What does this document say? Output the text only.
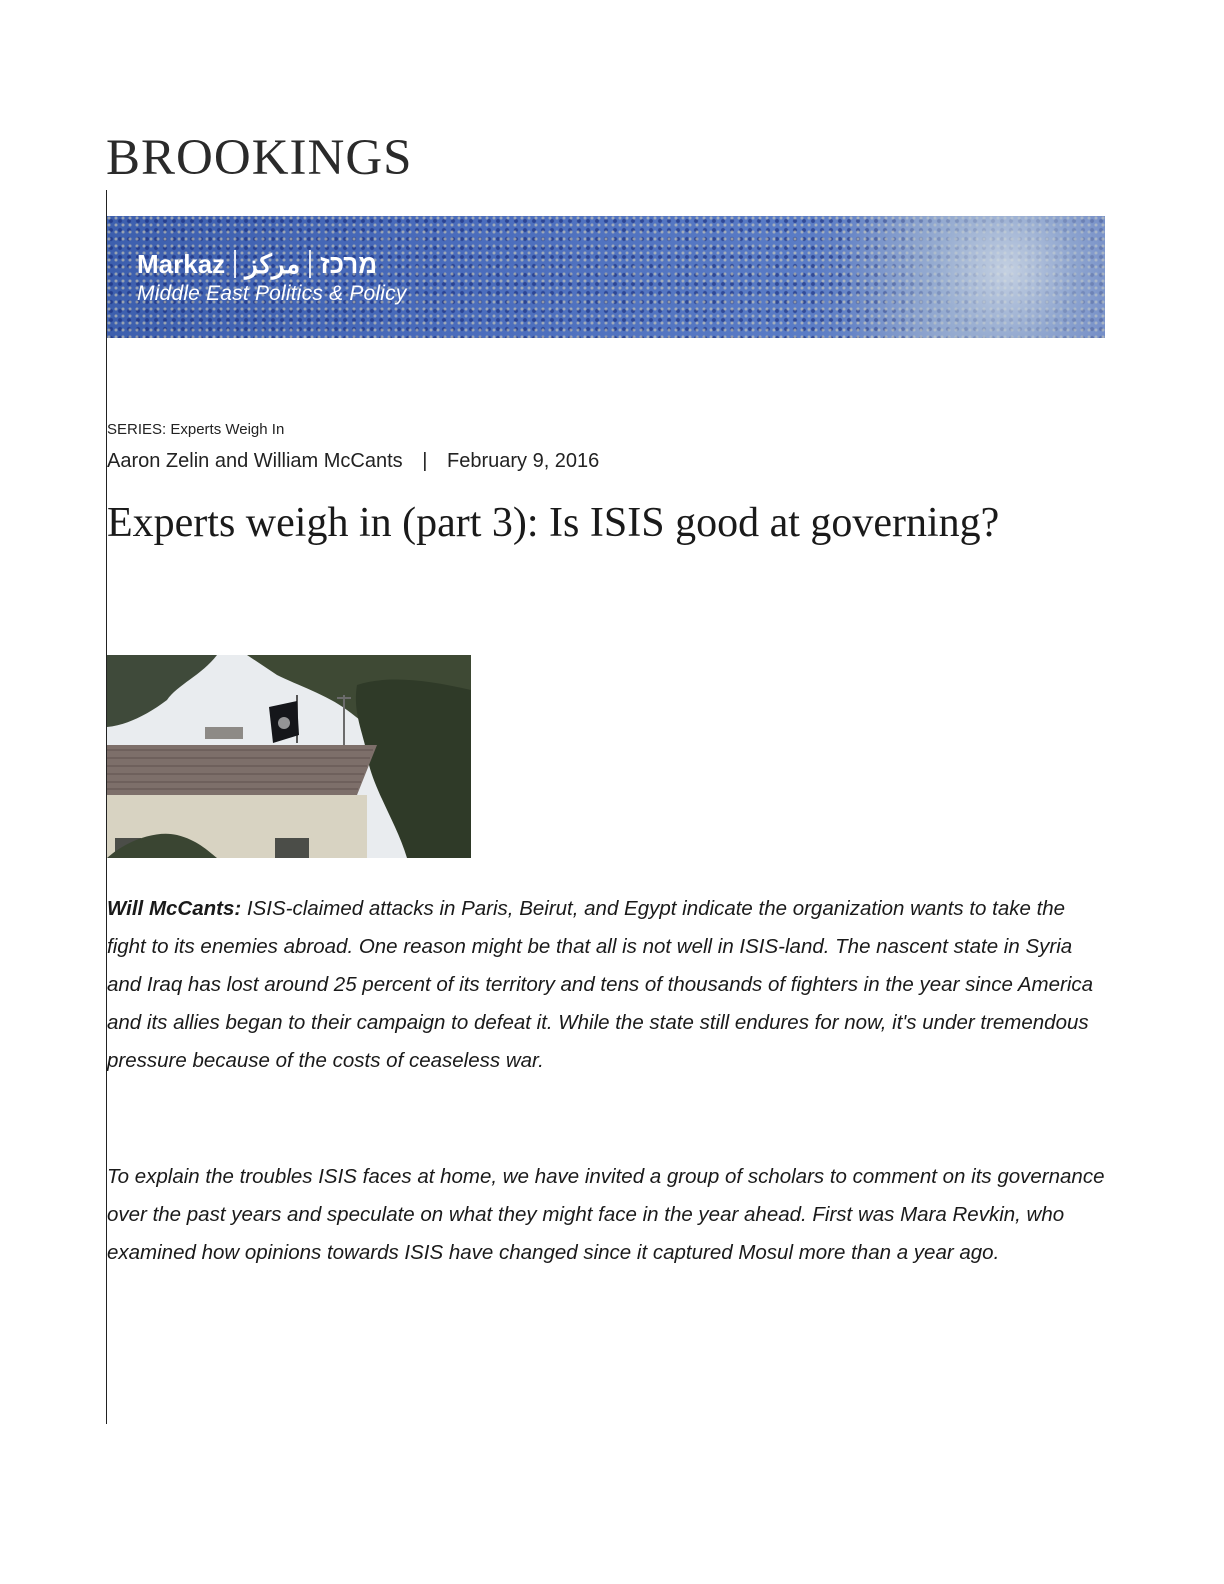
BROOKINGS
Markaz مركز מרכז
Middle East Politics & Policy
SERIES: Experts Weigh In
Aaron Zelin and William McCants | February 9, 2016
Experts weigh in (part 3): Is ISIS good at governing?

Will McCants: ISIS-claimed attacks in Paris, Beirut, and Egypt indicate the organization wants to take the fight to its enemies abroad. One reason might be that all is not well in ISIS-land. The nascent state in Syria and Iraq has lost around 25 percent of its territory and tens of thousands of fighters in the year since America and its allies began to their campaign to defeat it. While the state still endures for now, it's under tremendous pressure because of the costs of ceaseless war.

To explain the troubles ISIS faces at home, we have invited a group of scholars to comment on its governance over the past years and speculate on what they might face in the year ahead. First was Mara Revkin, who examined how opinions towards ISIS have changed since it captured Mosul more than a year ago.
